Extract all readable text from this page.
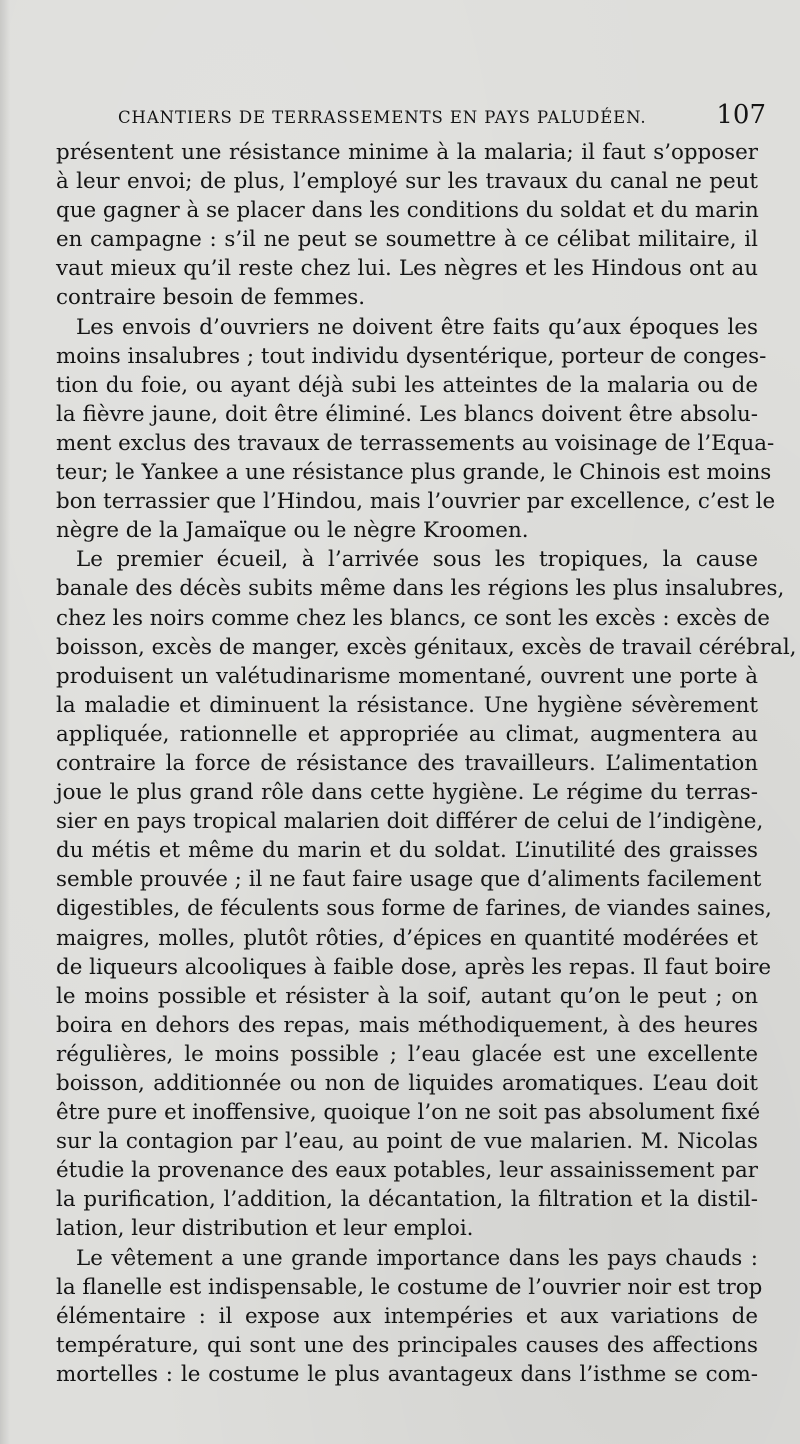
CHANTIERS DE TERRASSEMENTS EN PAYS PALUDÉEN.	107
présentent une résistance minime à la malaria; il faut s’opposer
à leur envoi; de plus, l’employé sur les travaux du canal ne peut
que gagner à se placer dans les conditions du soldat et du marin
en campagne : s’il ne peut se soumettre à ce célibat militaire, il
vaut mieux qu’il reste chez lui. Les nègres et les Hindous ont au
contraire besoin de femmes.
Les envois d’ouvriers ne doivent être faits qu’aux époques les
moins insalubres ; tout individu dysentérique, porteur de conges-
tion du foie, ou ayant déjà subi les atteintes de la malaria ou de
la fièvre jaune, doit être éliminé. Les blancs doivent être absolu-
ment exclus des travaux de terrassements au voisinage de l’Equa-
teur; le Yankee a une résistance plus grande, le Chinois est moins
bon terrassier que l’Hindou, mais l’ouvrier par excellence, c’est le
nègre de la Jamaïque ou le nègre Kroomen.
Le premier écueil, à l’arrivée sous les tropiques, la cause
banale des décès subits même dans les régions les plus insalubres,
chez les noirs comme chez les blancs, ce sont les excès : excès de
boisson, excès de manger, excès génitaux, excès de travail cérébral,
produisent un valétudinarisme momentané, ouvrent une porte à
la maladie et diminuent la résistance. Une hygiène sévèrement
appliquée, rationnelle et appropriée au climat, augmentera au
contraire la force de résistance des travailleurs. L’alimentation
joue le plus grand rôle dans cette hygiène. Le régime du terras-
sier en pays tropical malarien doit différer de celui de l’indigène,
du métis et même du marin et du soldat. L’inutilité des graisses
semble prouvée ; il ne faut faire usage que d’aliments facilement
digestibles, de féculents sous forme de farines, de viandes saines,
maigres, molles, plutôt rôties, d’épices en quantité modérées et
de liqueurs alcooliques à faible dose, après les repas. Il faut boire
le moins possible et résister à la soif, autant qu’on le peut ; on
boira en dehors des repas, mais méthodiquement, à des heures
régulières, le moins possible ; l’eau glacée est une excellente
boisson, additionnée ou non de liquides aromatiques. L’eau doit
être pure et inoffensive, quoique l’on ne soit pas absolument fixé
sur la contagion par l’eau, au point de vue malarien. M. Nicolas
étudie la provenance des eaux potables, leur assainissement par
la purification, l’addition, la décantation, la filtration et la distil-
lation, leur distribution et leur emploi.
Le vêtement a une grande importance dans les pays chauds :
la flanelle est indispensable, le costume de l’ouvrier noir est trop
élémentaire : il expose aux intempéries et aux variations de
température, qui sont une des principales causes des affections
mortelles : le costume le plus avantageux dans l’isthme se com-
